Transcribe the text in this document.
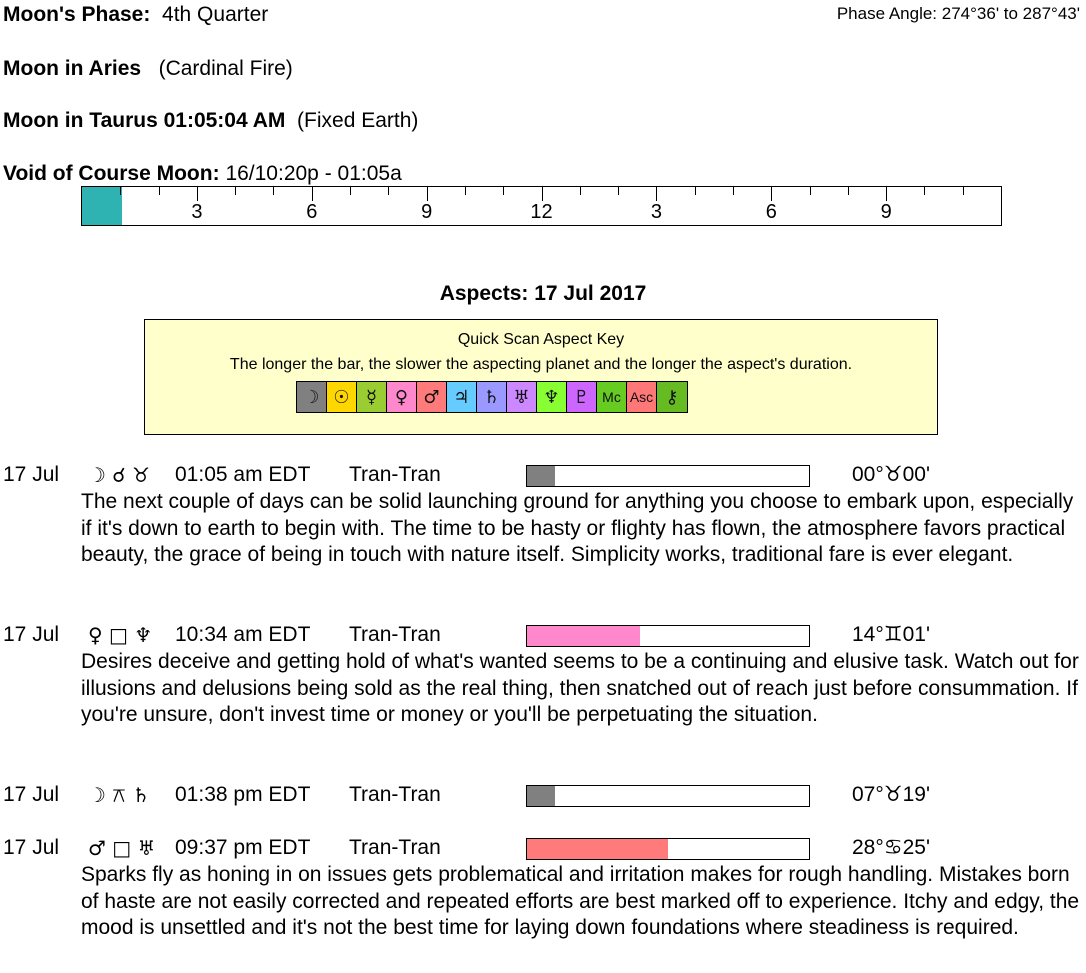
Moon's Phase: 4th Quarter	Phase Angle: 274°36' to 287°43'
Moon in Aries (Cardinal Fire)
Moon in Taurus 01:05:04 AM (Fixed Earth)
Void of Course Moon: 16/10:20p - 01:05a
3	6	9	12	3	6	9
Aspects: 17 Jul 2017
Quick Scan Aspect Key
The longer the bar, the slower the aspecting planet and the longer the aspect's duration.
☽ ☉ ☿ ♀ ♂ ♃ ♄ ♅ ♆ ♇ Mc Asc ⚷
17 Jul ☽ ☌ ♉ 01:05 am EDT Tran-Tran	00°♉00'
The next couple of days can be solid launching ground for anything you choose to embark upon, especially if it's down to earth to begin with. The time to be hasty or flighty has flown, the atmosphere favors practical beauty, the grace of being in touch with nature itself. Simplicity works, traditional fare is ever elegant.
17 Jul ♀ □ ♆ 10:34 am EDT Tran-Tran	14°♊01'
Desires deceive and getting hold of what's wanted seems to be a continuing and elusive task. Watch out for illusions and delusions being sold as the real thing, then snatched out of reach just before consummation. If you're unsure, don't invest time or money or you'll be perpetuating the situation.
17 Jul ☽ ⚻ ♄ 01:38 pm EDT Tran-Tran	07°♉19'
17 Jul ♂ □ ♅ 09:37 pm EDT Tran-Tran	28°♋25'
Sparks fly as honing in on issues gets problematical and irritation makes for rough handling. Mistakes born of haste are not easily corrected and repeated efforts are best marked off to experience. Itchy and edgy, the mood is unsettled and it's not the best time for laying down foundations where steadiness is required.
